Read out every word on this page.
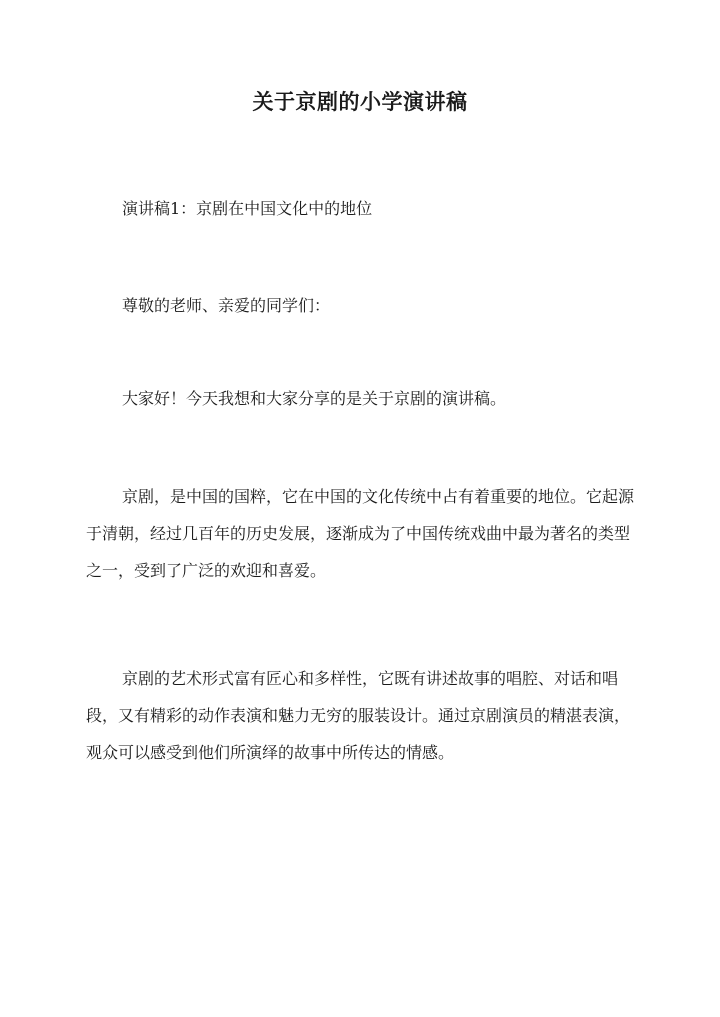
关于京剧的小学演讲稿

演讲稿1：京剧在中国文化中的地位

尊敬的老师、亲爱的同学们：

大家好！今天我想和大家分享的是关于京剧的演讲稿。

京剧，是中国的国粹，它在中国的文化传统中占有着重要的地位。它起源于清朝，经过几百年的历史发展，逐渐成为了中国传统戏曲中最为著名的类型之一，受到了广泛的欢迎和喜爱。

京剧的艺术形式富有匠心和多样性，它既有讲述故事的唱腔、对话和唱段，又有精彩的动作表演和魅力无穷的服装设计。通过京剧演员的精湛表演，观众可以感受到他们所演绎的故事中所传达的情感。
